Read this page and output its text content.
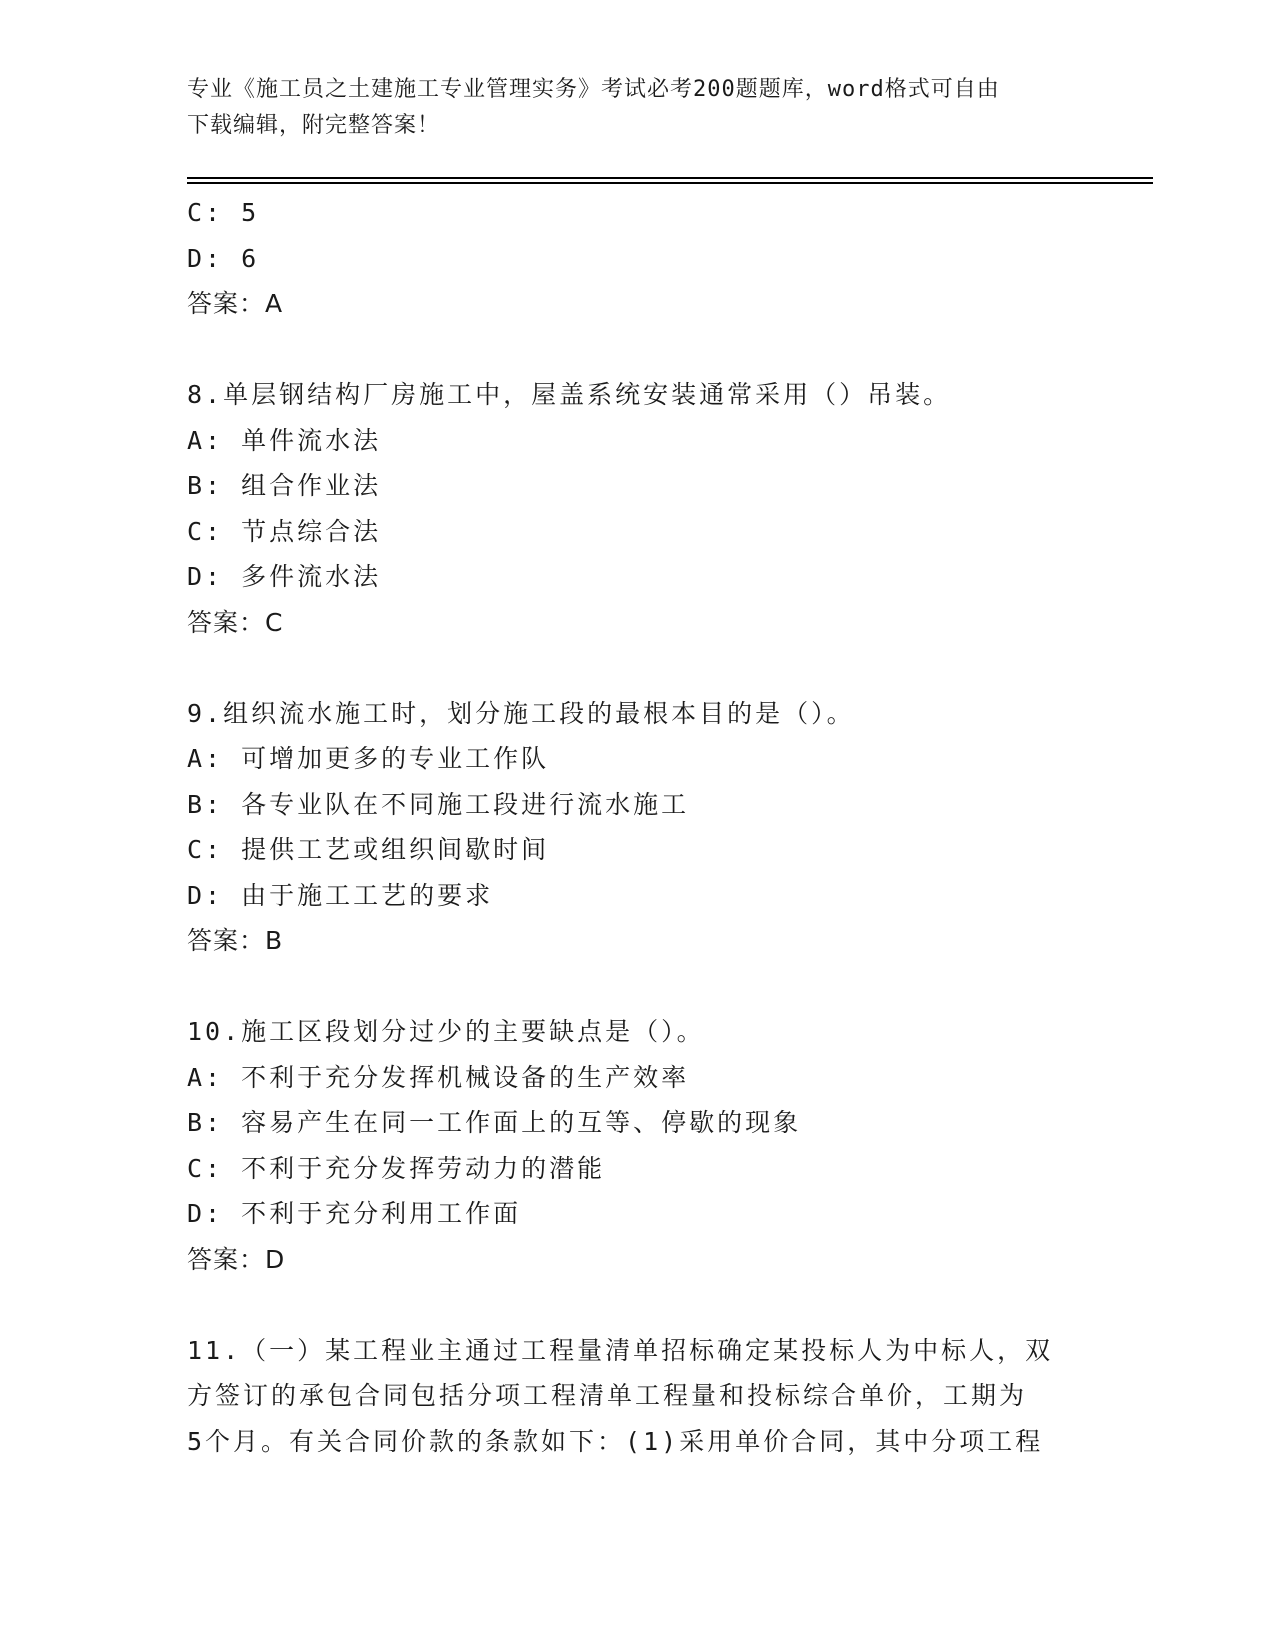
专业《施工员之土建施工专业管理实务》考试必考200题题库，word格式可自由
下载编辑，附完整答案！
C: 5
D: 6
答案：A
8.单层钢结构厂房施工中，屋盖系统安装通常采用（）吊装。
A: 单件流水法
B: 组合作业法
C: 节点综合法
D: 多件流水法
答案：C
9.组织流水施工时，划分施工段的最根本目的是（）。
A: 可增加更多的专业工作队
B: 各专业队在不同施工段进行流水施工
C: 提供工艺或组织间歇时间
D: 由于施工工艺的要求
答案：B
10.施工区段划分过少的主要缺点是（）。
A: 不利于充分发挥机械设备的生产效率
B: 容易产生在同一工作面上的互等、停歇的现象
C: 不利于充分发挥劳动力的潜能
D: 不利于充分利用工作面
答案：D
11.（一）某工程业主通过工程量清单招标确定某投标人为中标人，双
方签订的承包合同包括分项工程清单工程量和投标综合单价，工期为
5个月。有关合同价款的条款如下：(1)采用单价合同，其中分项工程
